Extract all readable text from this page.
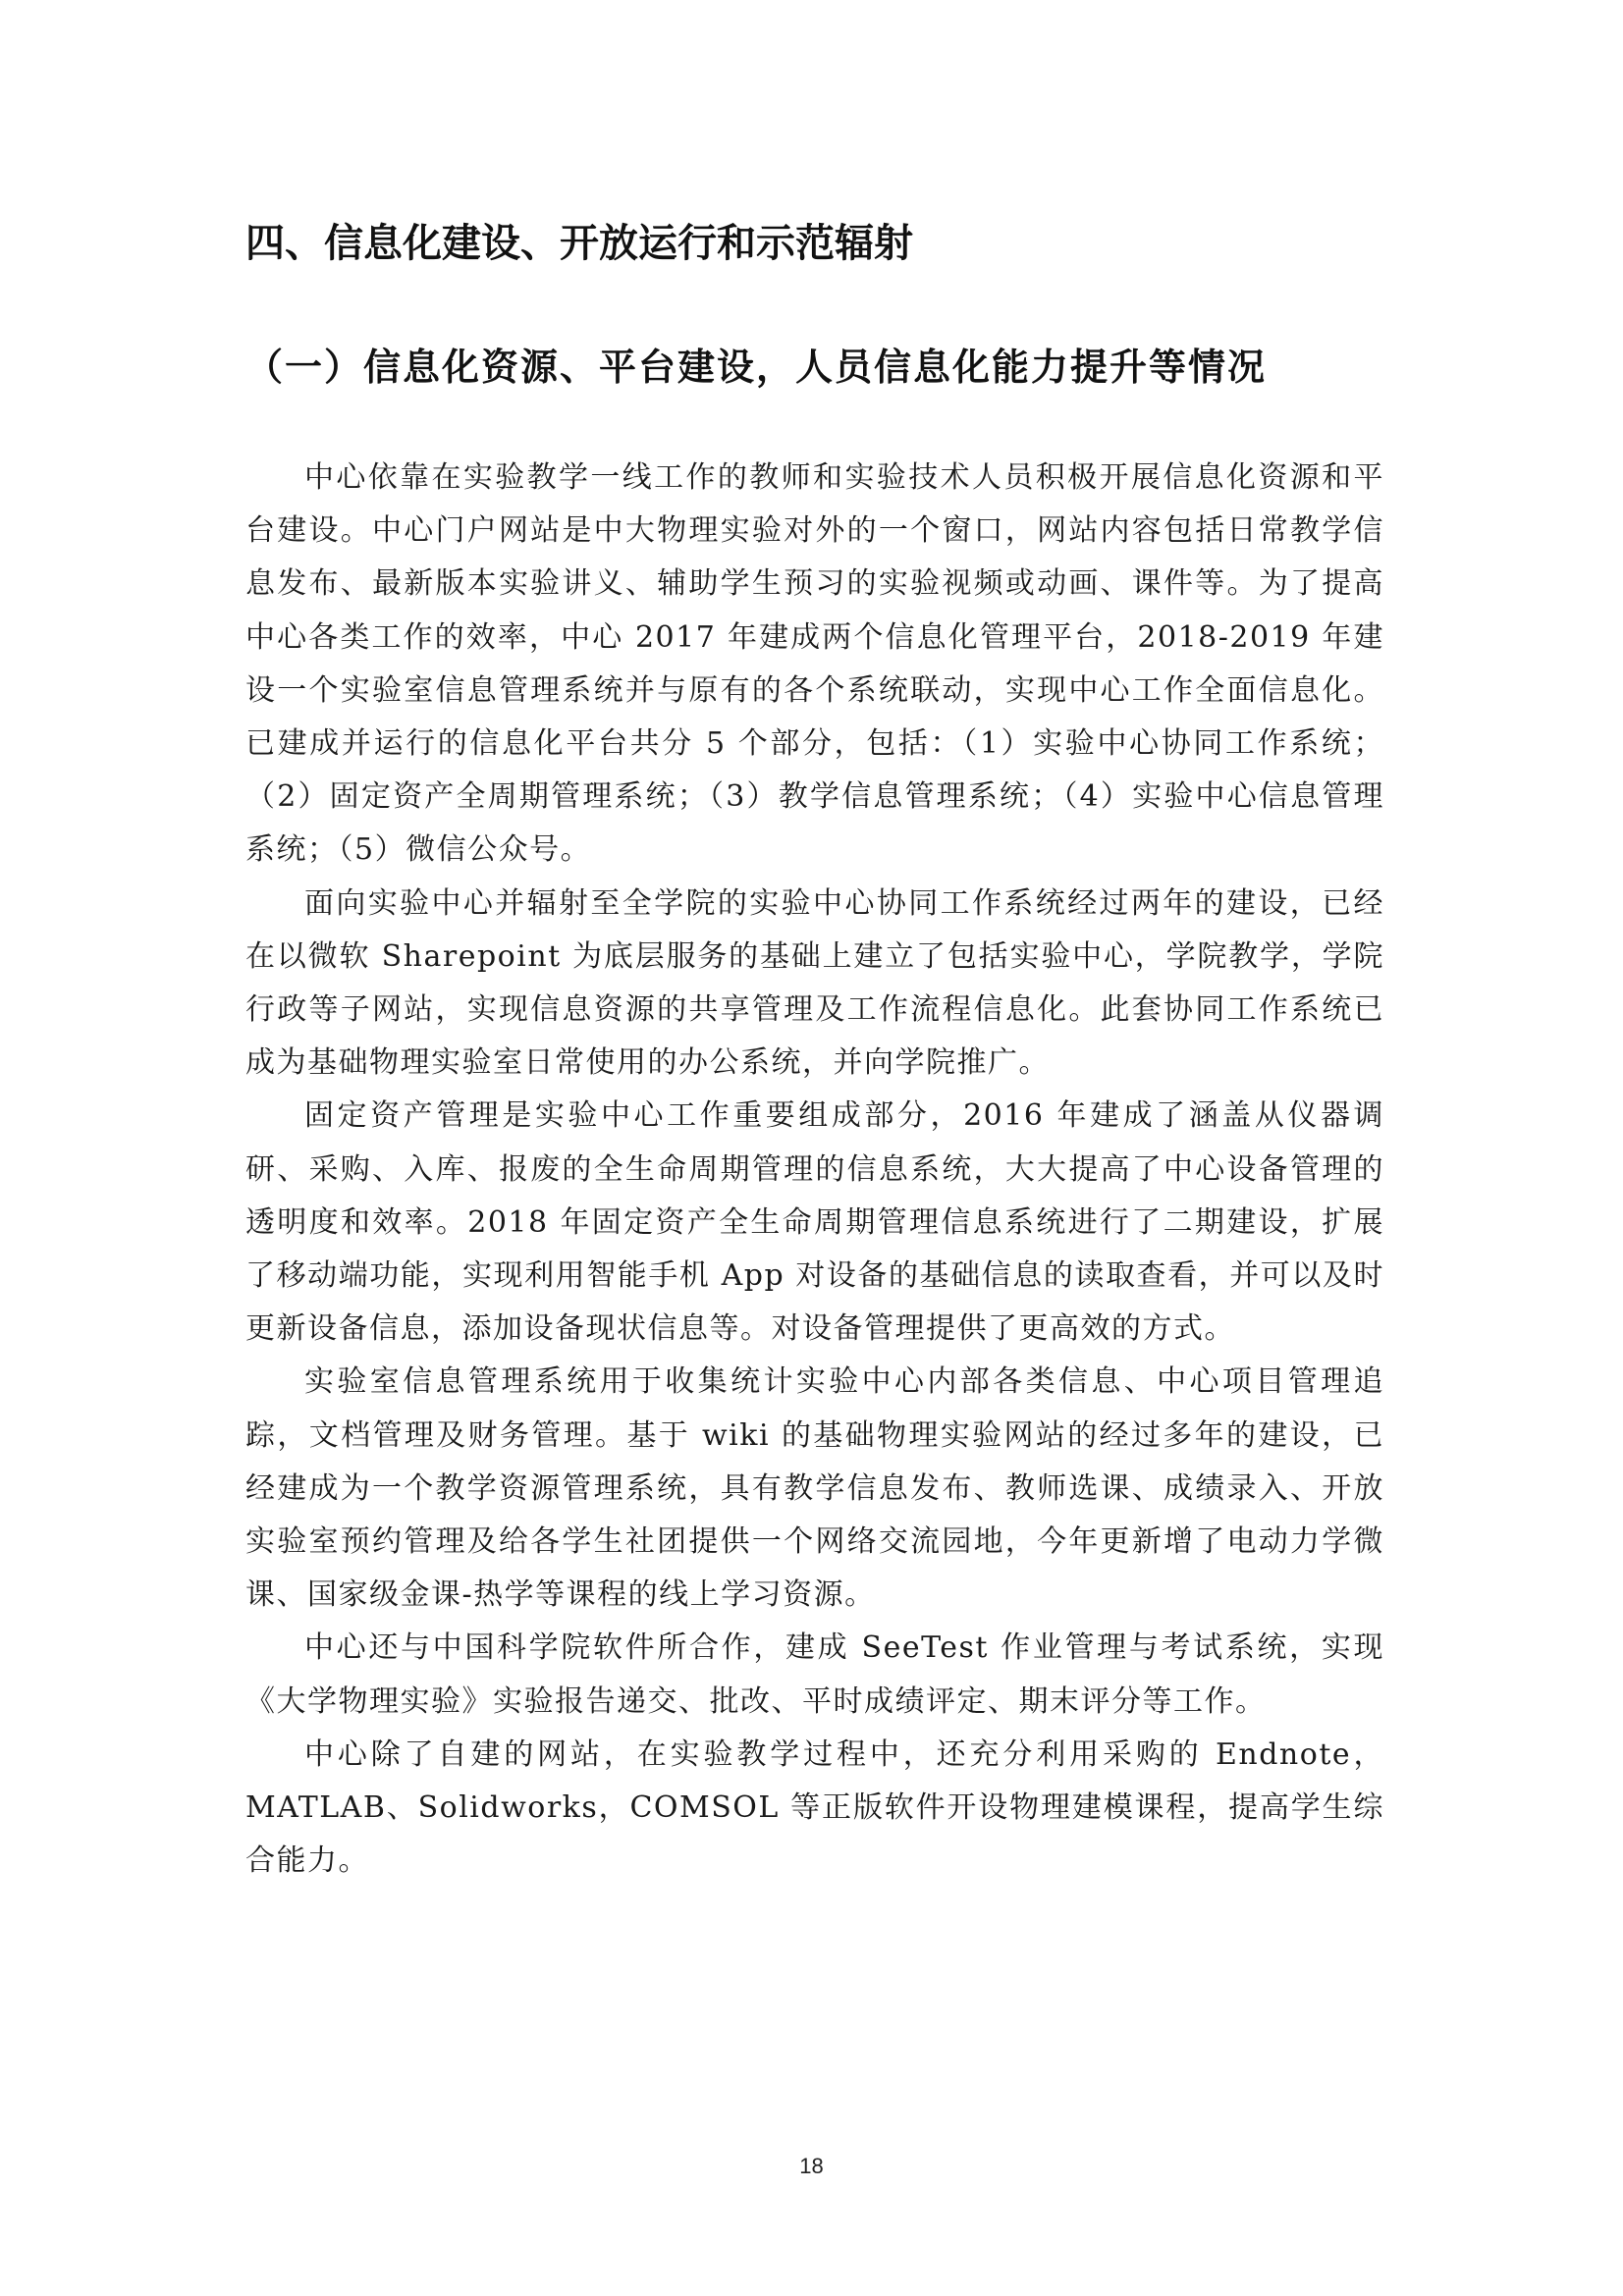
四、信息化建设、开放运行和示范辐射
（一）信息化资源、平台建设，人员信息化能力提升等情况

中心依靠在实验教学一线工作的教师和实验技术人员积极开展信息化资源和平台建设。中心门户网站是中大物理实验对外的一个窗口，网站内容包括日常教学信息发布、最新版本实验讲义、辅助学生预习的实验视频或动画、课件等。为了提高中心各类工作的效率，中心 2017 年建成两个信息化管理平台，2018-2019 年建设一个实验室信息管理系统并与原有的各个系统联动，实现中心工作全面信息化。已建成并运行的信息化平台共分 5 个部分，包括：（1）实验中心协同工作系统；（2）固定资产全周期管理系统；（3）教学信息管理系统；（4）实验中心信息管理系统；（5）微信公众号。

面向实验中心并辐射至全学院的实验中心协同工作系统经过两年的建设，已经在以微软 Sharepoint 为底层服务的基础上建立了包括实验中心，学院教学，学院行政等子网站，实现信息资源的共享管理及工作流程信息化。此套协同工作系统已成为基础物理实验室日常使用的办公系统，并向学院推广。

固定资产管理是实验中心工作重要组成部分，2016 年建成了涵盖从仪器调研、采购、入库、报废的全生命周期管理的信息系统，大大提高了中心设备管理的透明度和效率。2018 年固定资产全生命周期管理信息系统进行了二期建设，扩展了移动端功能，实现利用智能手机 App 对设备的基础信息的读取查看，并可以及时更新设备信息，添加设备现状信息等。对设备管理提供了更高效的方式。

实验室信息管理系统用于收集统计实验中心内部各类信息、中心项目管理追踪，文档管理及财务管理。基于 wiki 的基础物理实验网站的经过多年的建设，已经建成为一个教学资源管理系统，具有教学信息发布、教师选课、成绩录入、开放实验室预约管理及给各学生社团提供一个网络交流园地，今年更新增了电动力学微课、国家级金课-热学等课程的线上学习资源。

中心还与中国科学院软件所合作，建成 SeeTest 作业管理与考试系统，实现《大学物理实验》实验报告递交、批改、平时成绩评定、期末评分等工作。

中心除了自建的网站，在实验教学过程中，还充分利用采购的 Endnote，MATLAB、Solidworks，COMSOL 等正版软件开设物理建模课程，提高学生综合能力。

18
